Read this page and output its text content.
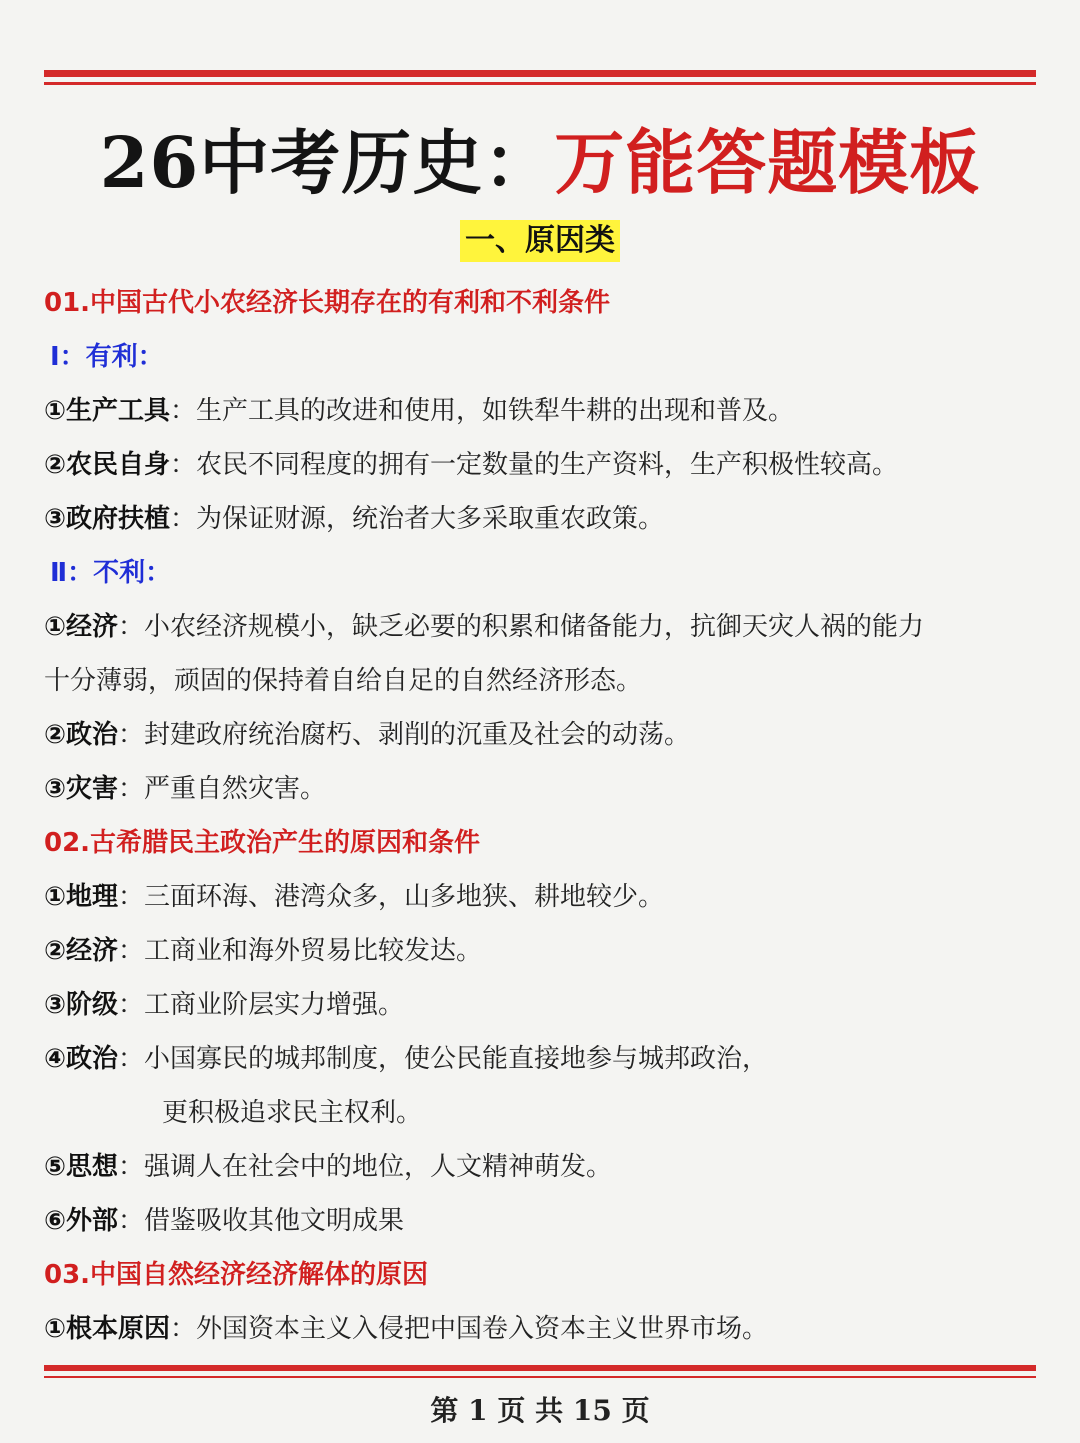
26中考历史：万能答题模板
一、原因类
01.中国古代小农经济长期存在的有利和不利条件
Ⅰ：有利：
①生产工具：生产工具的改进和使用，如铁犁牛耕的出现和普及。
②农民自身：农民不同程度的拥有一定数量的生产资料，生产积极性较高。
③政府扶植：为保证财源，统治者大多采取重农政策。
Ⅱ：不利：
①经济：小农经济规模小，缺乏必要的积累和储备能力，抗御天灾人祸的能力
十分薄弱，顽固的保持着自给自足的自然经济形态。
②政治：封建政府统治腐朽、剥削的沉重及社会的动荡。
③灾害：严重自然灾害。
02.古希腊民主政治产生的原因和条件
①地理：三面环海、港湾众多，山多地狭、耕地较少。
②经济：工商业和海外贸易比较发达。
③阶级：工商业阶层实力增强。
④政治：小国寡民的城邦制度，使公民能直接地参与城邦政治，
更积极追求民主权利。
⑤思想：强调人在社会中的地位，人文精神萌发。
⑥外部：借鉴吸收其他文明成果
03.中国自然经济经济解体的原因
①根本原因：外国资本主义入侵把中国卷入资本主义世界市场。
第 1 页 共 15 页
